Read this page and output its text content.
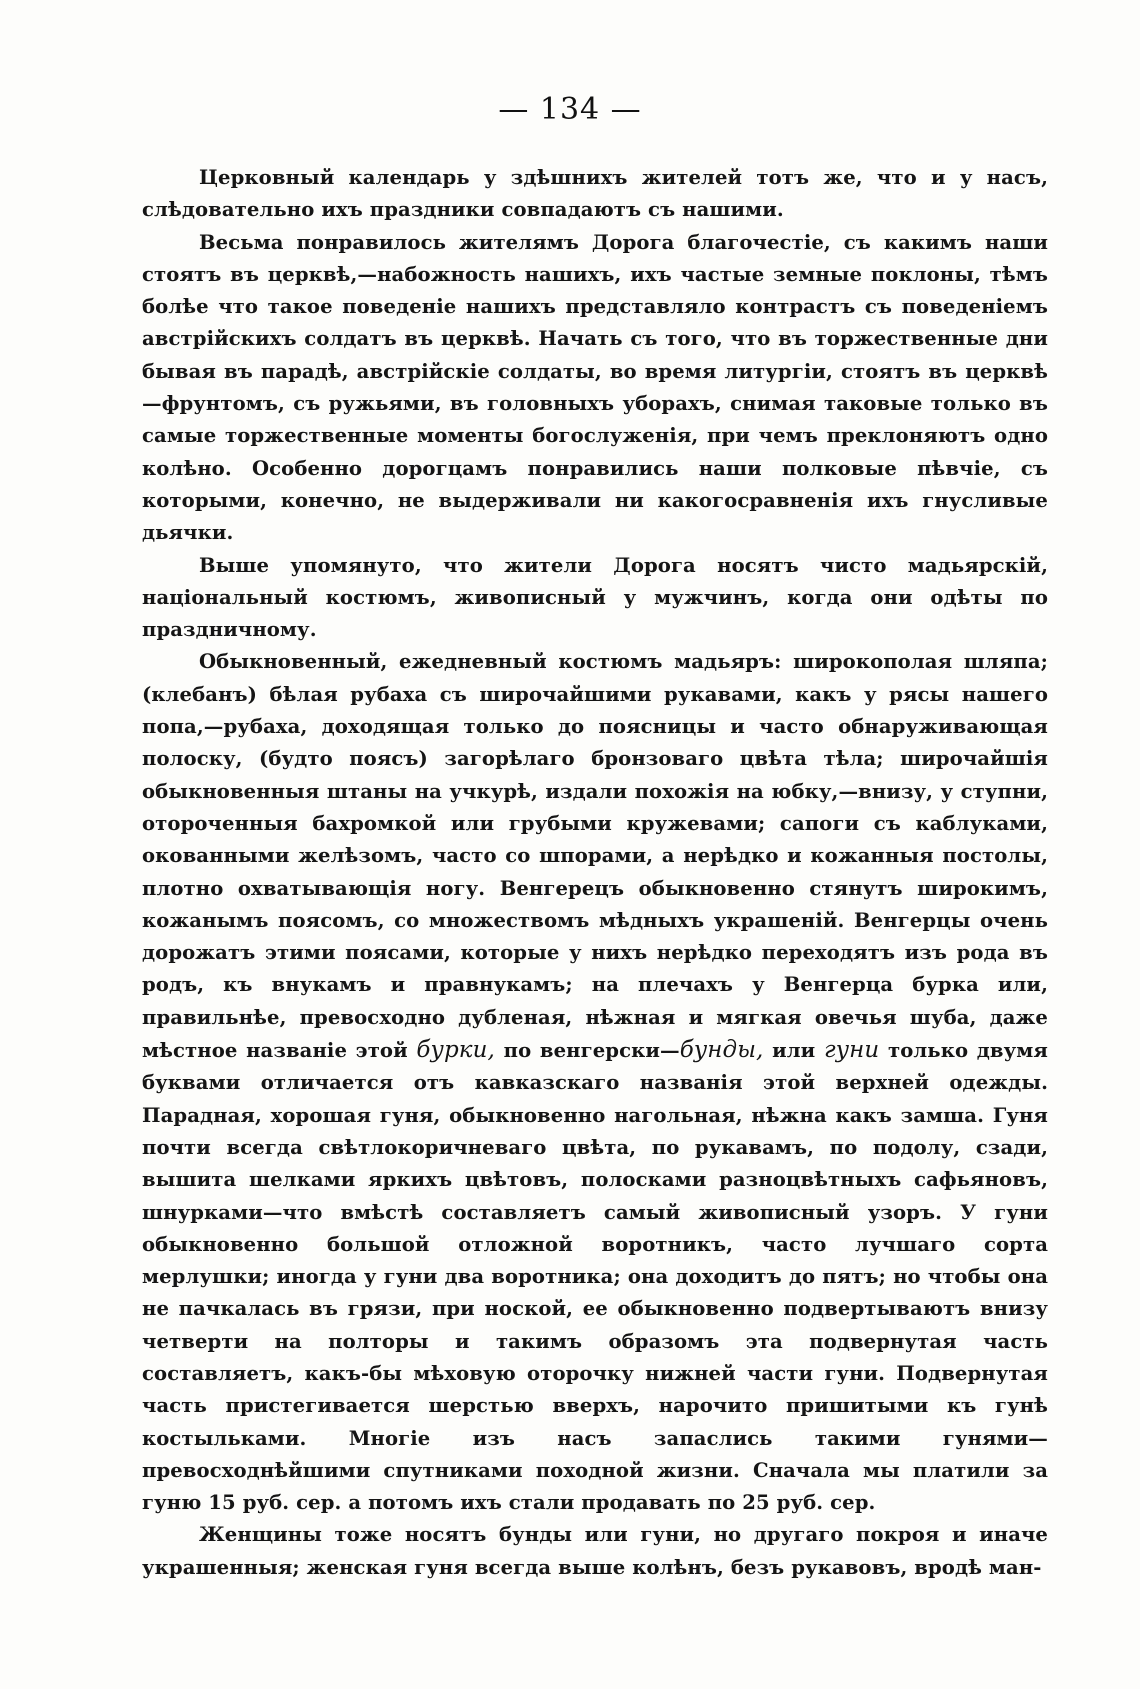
— 134 —

Церковный календарь у здѣшнихъ жителей тотъ же, что и у насъ, слѣдовательно ихъ праздники совпадаютъ съ нашими.

Весьма понравилось жителямъ Дорога благочестіе, съ какимъ наши стоятъ въ церквѣ,—набожность нашихъ, ихъ частые земные поклоны, тѣмъ болѣе что такое поведеніе нашихъ представляло контрастъ съ поведеніемъ австрійскихъ солдатъ въ церквѣ. Начать съ того, что въ торжественные дни бывая въ парадѣ, австрійскіе солдаты, во время литургіи, стоятъ въ церквѣ—фрунтомъ, съ ружьями, въ головныхъ уборахъ, снимая таковые только въ самые торжественные моменты богослуженія, при чемъ преклоняютъ одно колѣно. Особенно дорогцамъ понравились наши полковые пѣвчіе, съ которыми, конечно, не выдерживали ни какогосравненія ихъ гнусливые дьячки.

Выше упомянуто, что жители Дорога носятъ чисто мадьярскій, національный костюмъ, живописный у мужчинъ, когда они одѣты по праздничному.

Обыкновенный, ежедневный костюмъ мадьяръ: широкополая шляпа; (клебанъ) бѣлая рубаха съ широчайшими рукавами, какъ у рясы нашего попа,—рубаха, доходящая только до поясницы и часто обнаруживающая полоску, (будто поясъ) загорѣлаго бронзоваго цвѣта тѣла; широчайшія обыкновенныя штаны на учкурѣ, издали похожія на юбку,—внизу, у ступни, отороченныя бахромкой или грубыми кружевами; сапоги съ каблуками, окованными желѣзомъ, часто со шпорами, а нерѣдко и кожанныя постолы, плотно охватывающія ногу. Венгерецъ обыкновенно стянутъ широкимъ, кожанымъ поясомъ, со множествомъ мѣдныхъ украшеній. Венгерцы очень дорожатъ этими поясами, которые у нихъ нерѣдко переходятъ изъ рода въ родъ, къ внукамъ и правнукамъ; на плечахъ у Венгерца бурка или, правильнѣе, превосходно дубленая, нѣжная и мягкая овечья шуба, даже мѣстное названіе этой бурки, по венгерски—бунды, или гуни только двумя буквами отличается отъ кавказскаго названія этой верхней одежды. Парадная, хорошая гуня, обыкновенно нагольная, нѣжна какъ замша. Гуня почти всегда свѣтлокоричневаго цвѣта, по рукавамъ, по подолу, сзади, вышита шелками яркихъ цвѣтовъ, полосками разноцвѣтныхъ сафьяновъ, шнурками—что вмѣстѣ составляетъ самый живописный узоръ. У гуни обыкновенно большой отложной воротникъ, часто лучшаго сорта мерлушки; иногда у гуни два воротника; она доходитъ до пятъ; но чтобы она не пачкалась въ грязи, при ноской, ее обыкновенно подвертываютъ внизу четверти на полторы и такимъ образомъ эта подвернутая часть составляетъ, какъ-бы мѣховую оторочку нижней части гуни. Подвернутая часть пристегивается шерстью вверхъ, нарочито пришитыми къ гунѣ костыльками. Многіе изъ насъ запаслись такими гунями—превосходнѣйшими спутниками походной жизни. Сначала мы платили за гуню 15 руб. сер. а потомъ ихъ стали продавать по 25 руб. сер.

Женщины тоже носятъ бунды или гуни, но другаго покроя и иначе украшенныя; женская гуня всегда выше колѣнъ, безъ рукавовъ, вродѣ ман-
